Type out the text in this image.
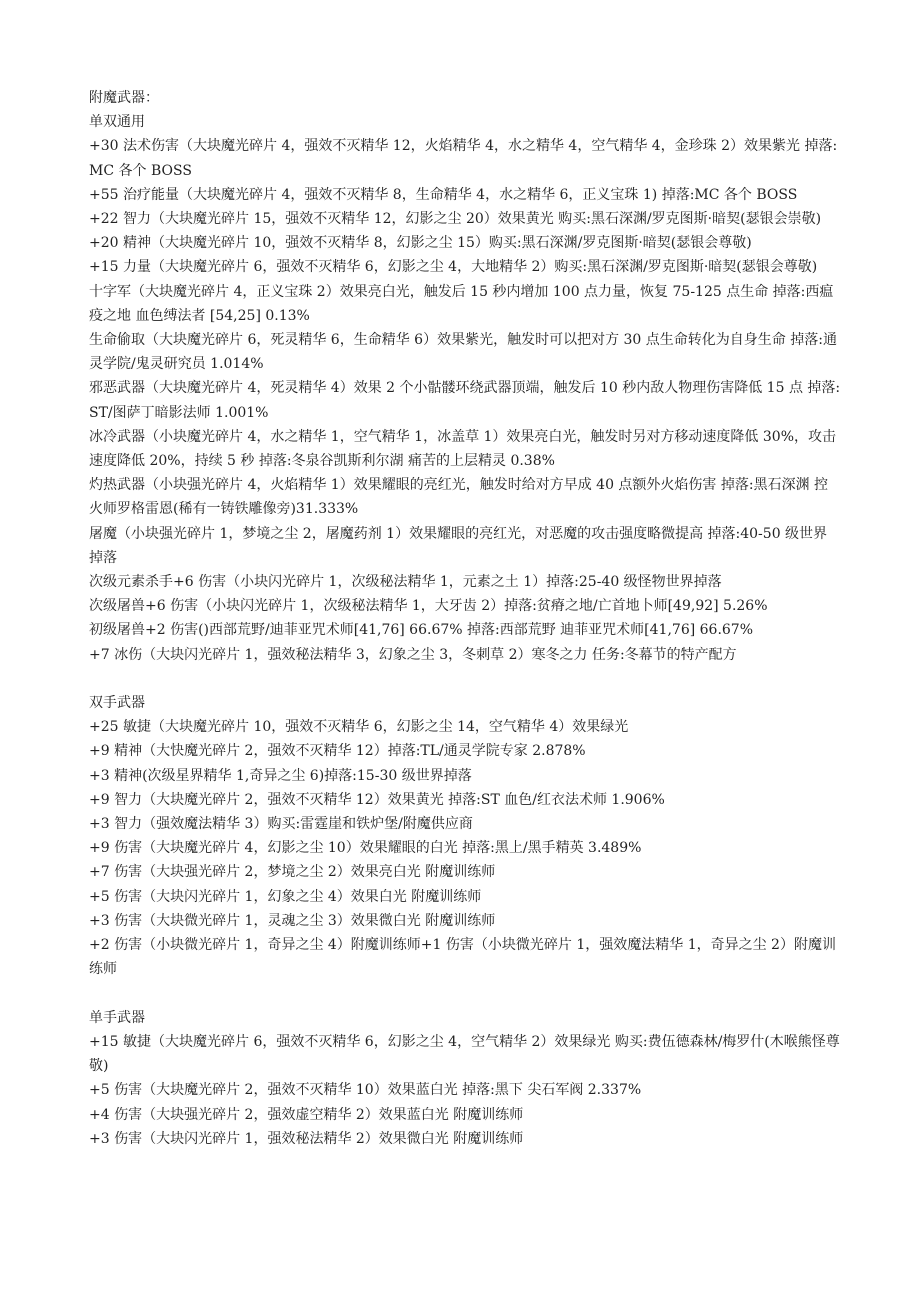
附魔武器：

单双通用

+30 法术伤害（大块魔光碎片 4，强效不灭精华 12，火焰精华 4，水之精华 4，空气精华 4，金珍珠 2）效果紫光 掉落:MC 各个 BOSS

+55 治疗能量（大块魔光碎片 4，强效不灭精华 8，生命精华 4，水之精华 6，正义宝珠 1) 掉落:MC 各个 BOSS

+22 智力（大块魔光碎片 15，强效不灭精华 12，幻影之尘 20）效果黄光 购买:黑石深渊/罗克图斯·暗契(瑟银会崇敬)

+20 精神（大块魔光碎片 10，强效不灭精华 8，幻影之尘 15）购买:黑石深渊/罗克图斯·暗契(瑟银会尊敬)

+15 力量（大块魔光碎片 6，强效不灭精华 6，幻影之尘 4，大地精华 2）购买:黑石深渊/罗克图斯·暗契(瑟银会尊敬)

十字军（大块魔光碎片 4，正义宝珠 2）效果亮白光，触发后 15 秒内增加 100 点力量，恢复 75-125 点生命 掉落:西瘟疫之地 血色缚法者 [54,25] 0.13%

生命偷取（大块魔光碎片 6，死灵精华 6，生命精华 6）效果紫光，触发时可以把对方 30 点生命转化为自身生命 掉落:通灵学院/鬼灵研究员 1.014%

邪恶武器（大块魔光碎片 4，死灵精华 4）效果 2 个小骷髅环绕武器顶端，触发后 10 秒内敌人物理伤害降低 15 点 掉落:ST/图萨丁暗影法师 1.001%

冰冷武器（小块魔光碎片 4，水之精华 1，空气精华 1，冰盖草 1）效果亮白光，触发时另对方移动速度降低 30%，攻击速度降低 20%，持续 5 秒 掉落:冬泉谷凯斯利尔湖 痛苦的上层精灵 0.38%

灼热武器（小块强光碎片 4，火焰精华 1）效果耀眼的亮红光，触发时给对方早成 40 点额外火焰伤害 掉落:黑石深渊 控火师罗格雷恩(稀有一铸铁雕像旁)31.333%

屠魔（小块强光碎片 1，梦境之尘 2，屠魔药剂 1）效果耀眼的亮红光，对恶魔的攻击强度略微提高 掉落:40-50 级世界掉落

次级元素杀手+6 伤害（小块闪光碎片 1，次级秘法精华 1，元素之土 1）掉落:25-40 级怪物世界掉落

次级屠兽+6 伤害（小块闪光碎片 1，次级秘法精华 1，大牙齿 2）掉落:贫瘠之地/亡首地卜师[49,92] 5.26%

初级屠兽+2 伤害()西部荒野/迪菲亚咒术师[41,76] 66.67% 掉落:西部荒野 迪菲亚咒术师[41,76] 66.67%

+7 冰伤（大块闪光碎片 1，强效秘法精华 3，幻象之尘 3，冬刺草 2）寒冬之力 任务:冬幕节的特产配方

双手武器

+25 敏捷（大块魔光碎片 10，强效不灭精华 6，幻影之尘 14，空气精华 4）效果绿光

+9 精神（大快魔光碎片 2，强效不灭精华 12）掉落:TL/通灵学院专家 2.878%

+3 精神(次级星界精华 1,奇异之尘 6)掉落:15-30 级世界掉落

+9 智力（大块魔光碎片 2，强效不灭精华 12）效果黄光 掉落:ST 血色/红衣法术师 1.906%

+3 智力（强效魔法精华 3）购买:雷霆崖和铁炉堡/附魔供应商

+9 伤害（大块魔光碎片 4，幻影之尘 10）效果耀眼的白光 掉落:黑上/黑手精英 3.489%

+7 伤害（大块强光碎片 2，梦境之尘 2）效果亮白光 附魔训练师

+5 伤害（大块闪光碎片 1，幻象之尘 4）效果白光 附魔训练师

+3 伤害（大块微光碎片 1，灵魂之尘 3）效果微白光 附魔训练师

+2 伤害（小块微光碎片 1，奇异之尘 4）附魔训练师+1 伤害（小块微光碎片 1，强效魔法精华 1，奇异之尘 2）附魔训练师

单手武器

+15 敏捷（大块魔光碎片 6，强效不灭精华 6，幻影之尘 4，空气精华 2）效果绿光 购买:费伍德森林/梅罗什(木喉熊怪尊敬)

+5 伤害（大块魔光碎片 2，强效不灭精华 10）效果蓝白光 掉落:黑下 尖石军阀 2.337%

+4 伤害（大块强光碎片 2，强效虚空精华 2）效果蓝白光 附魔训练师

+3 伤害（大块闪光碎片 1，强效秘法精华 2）效果微白光 附魔训练师
